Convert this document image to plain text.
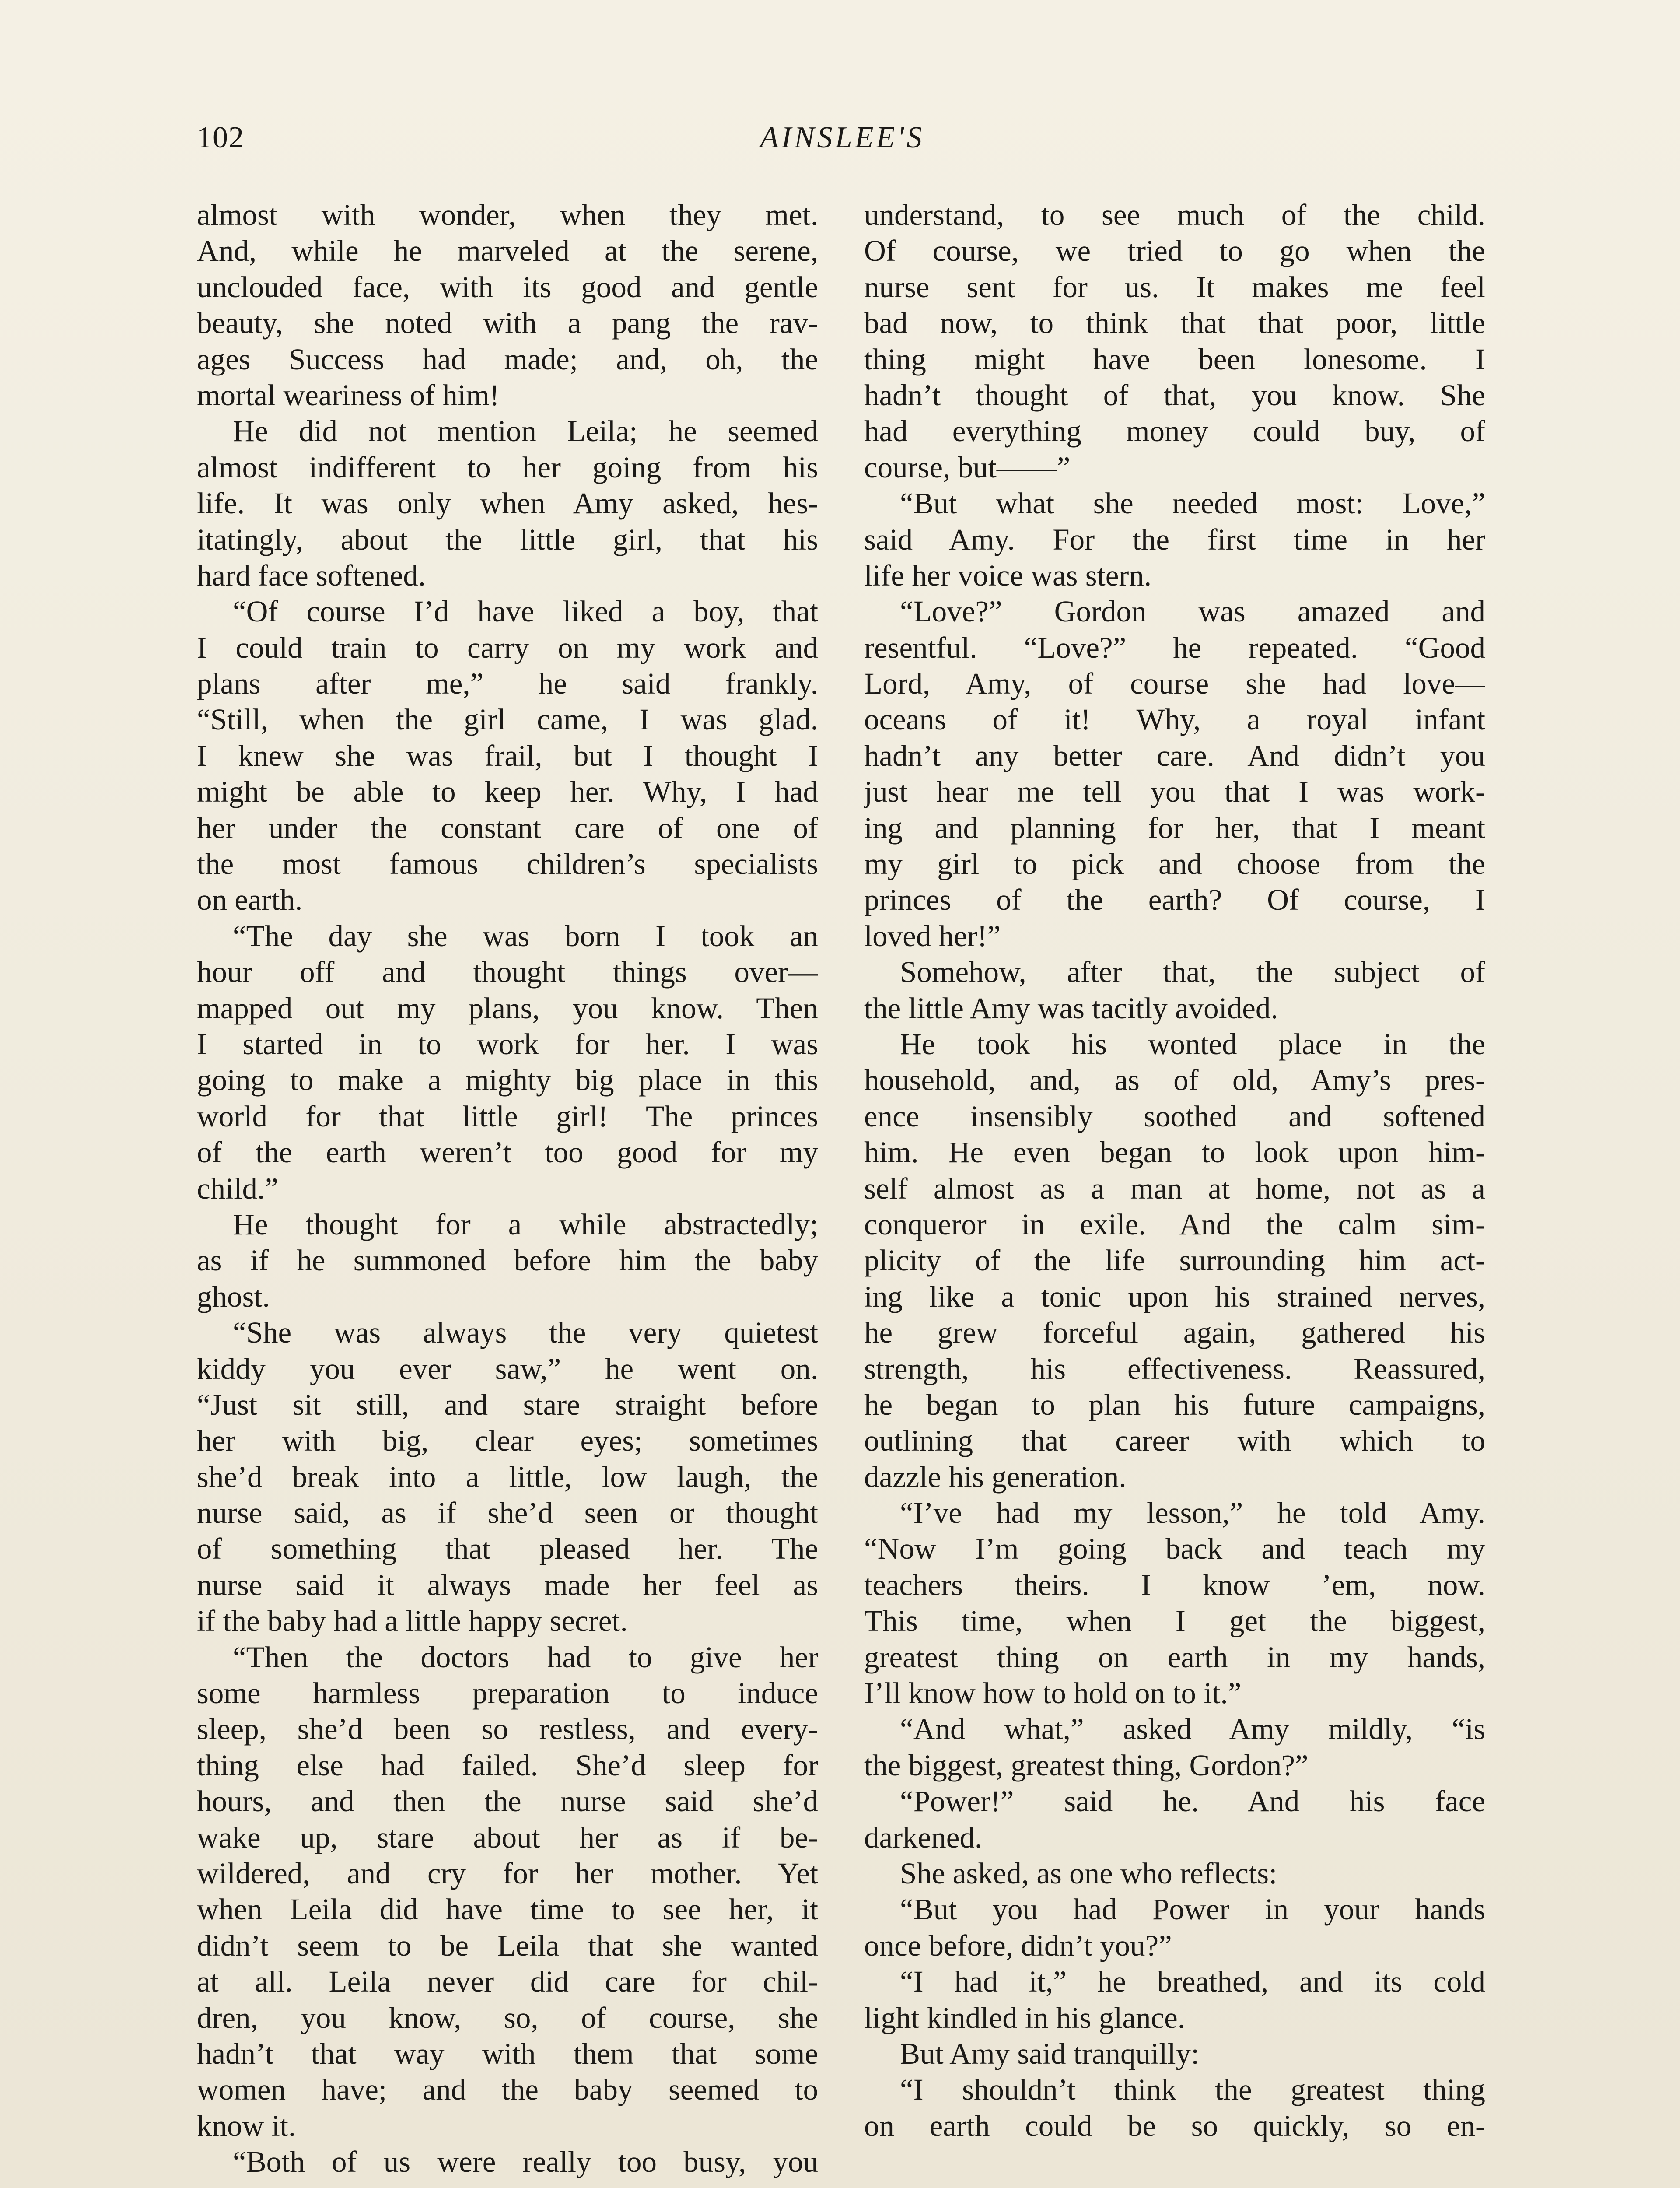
102	AINSLEE'S
almost with wonder, when they met.
And, while he marveled at the serene,
unclouded face, with its good and gentle
beauty, she noted with a pang the rav-
ages Success had made; and, oh, the
mortal weariness of him!
He did not mention Leila; he seemed
almost indifferent to her going from his
life. It was only when Amy asked, hes-
itatingly, about the little girl, that his
hard face softened.
“Of course I’d have liked a boy, that
I could train to carry on my work and
plans after me,” he said frankly.
“Still, when the girl came, I was glad.
I knew she was frail, but I thought I
might be able to keep her. Why, I had
her under the constant care of one of
the most famous children’s specialists
on earth.
“The day she was born I took an
hour off and thought things over—
mapped out my plans, you know. Then
I started in to work for her. I was
going to make a mighty big place in this
world for that little girl! The princes
of the earth weren’t too good for my
child.”
He thought for a while abstractedly;
as if he summoned before him the baby
ghost.
“She was always the very quietest
kiddy you ever saw,” he went on.
“Just sit still, and stare straight before
her with big, clear eyes; sometimes
she’d break into a little, low laugh, the
nurse said, as if she’d seen or thought
of something that pleased her. The
nurse said it always made her feel as
if the baby had a little happy secret.
“Then the doctors had to give her
some harmless preparation to induce
sleep, she’d been so restless, and every-
thing else had failed. She’d sleep for
hours, and then the nurse said she’d
wake up, stare about her as if be-
wildered, and cry for her mother. Yet
when Leila did have time to see her, it
didn’t seem to be Leila that she wanted
at all. Leila never did care for chil-
dren, you know, so, of course, she
hadn’t that way with them that some
women have; and the baby seemed to
know it.
“Both of us were really too busy, you
understand, to see much of the child.
Of course, we tried to go when the
nurse sent for us. It makes me feel
bad now, to think that that poor, little
thing might have been lonesome. I
hadn’t thought of that, you know. She
had everything money could buy, of
course, but——”
“But what she needed most: Love,”
said Amy. For the first time in her
life her voice was stern.
“Love?” Gordon was amazed and
resentful. “Love?” he repeated. “Good
Lord, Amy, of course she had love—
oceans of it! Why, a royal infant
hadn’t any better care. And didn’t you
just hear me tell you that I was work-
ing and planning for her, that I meant
my girl to pick and choose from the
princes of the earth? Of course, I
loved her!”
Somehow, after that, the subject of
the little Amy was tacitly avoided.
He took his wonted place in the
household, and, as of old, Amy’s pres-
ence insensibly soothed and softened
him. He even began to look upon him-
self almost as a man at home, not as a
conqueror in exile. And the calm sim-
plicity of the life surrounding him act-
ing like a tonic upon his strained nerves,
he grew forceful again, gathered his
strength, his effectiveness. Reassured,
he began to plan his future campaigns,
outlining that career with which to
dazzle his generation.
“I’ve had my lesson,” he told Amy.
“Now I’m going back and teach my
teachers theirs. I know ’em, now.
This time, when I get the biggest,
greatest thing on earth in my hands,
I’ll know how to hold on to it.”
“And what,” asked Amy mildly, “is
the biggest, greatest thing, Gordon?”
“Power!” said he. And his face
darkened.
She asked, as one who reflects:
“But you had Power in your hands
once before, didn’t you?”
“I had it,” he breathed, and its cold
light kindled in his glance.
But Amy said tranquilly:
“I shouldn’t think the greatest thing
on earth could be so quickly, so en-
